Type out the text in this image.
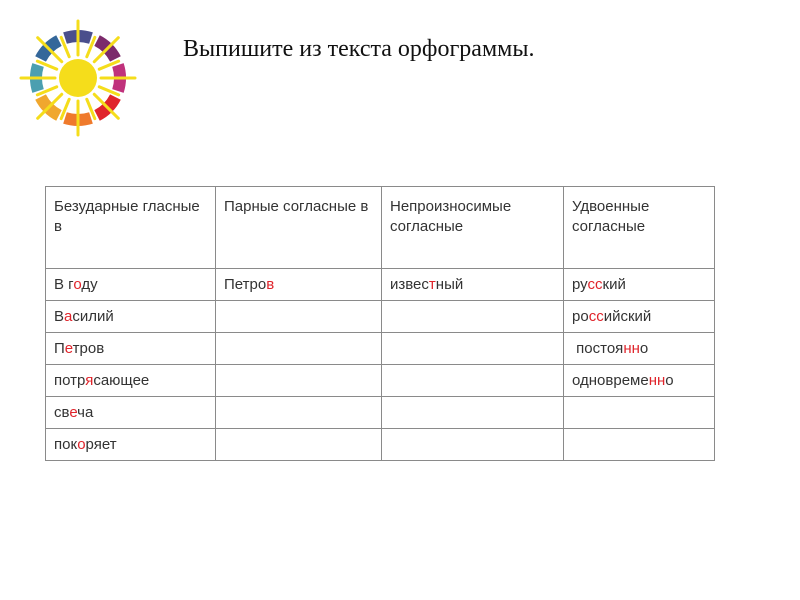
Выпишите из текста орфограммы.
Безударные гласные в	Парные согласные в	Непроизносимые согласные	Удвоенные согласные
В году	Петров	известный	русский
Василий			российский
Петров			постоянно
потрясающее			одновременно
свеча			
покоряет			
